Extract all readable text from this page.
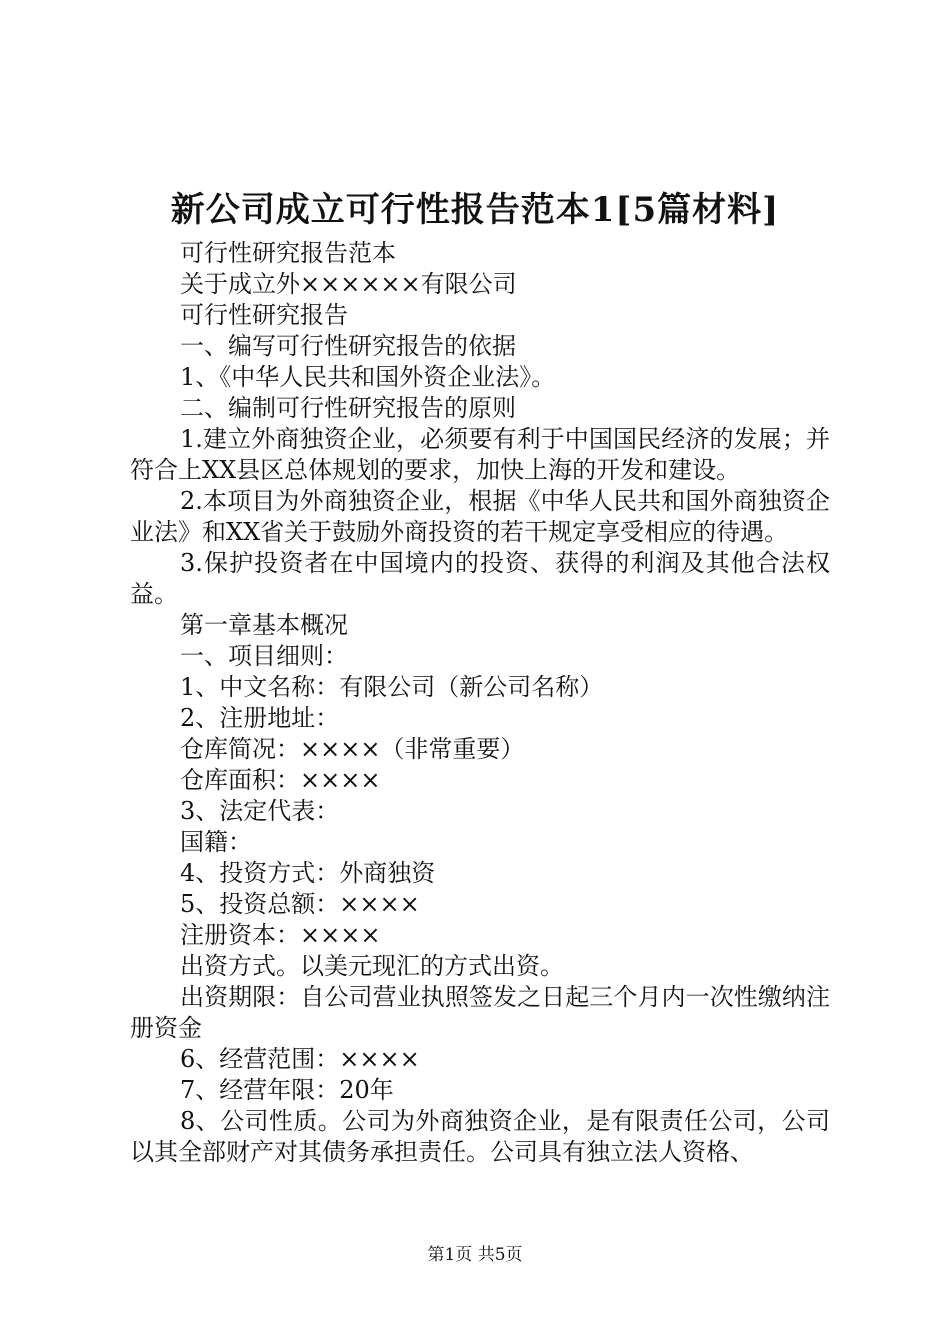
新公司成立可行性报告范本1[5篇材料]

可行性研究报告范本

关于成立外××××××有限公司

可行性研究报告

一、编写可行性研究报告的依据

1、《中华人民共和国外资企业法》。

二、编制可行性研究报告的原则

1.建立外商独资企业，必须要有利于中国国民经济的发展；并符合上XX县区总体规划的要求，加快上海的开发和建设。

2.本项目为外商独资企业，根据《中华人民共和国外商独资企业法》和XX省关于鼓励外商投资的若干规定享受相应的待遇。

3.保护投资者在中国境内的投资、获得的利润及其他合法权益。

第一章基本概况

一、项目细则：

1、中文名称：有限公司（新公司名称）

2、注册地址：

仓库简况：××××（非常重要）

仓库面积：××××

3、法定代表：

国籍：

4、投资方式：外商独资

5、投资总额：××××

注册资本：××××

出资方式。以美元现汇的方式出资。

出资期限：自公司营业执照签发之日起三个月内一次性缴纳注册资金

6、经营范围：××××

7、经营年限：20年

8、公司性质。公司为外商独资企业，是有限责任公司，公司以其全部财产对其债务承担责任。公司具有独立法人资格、

第1页 共5页
